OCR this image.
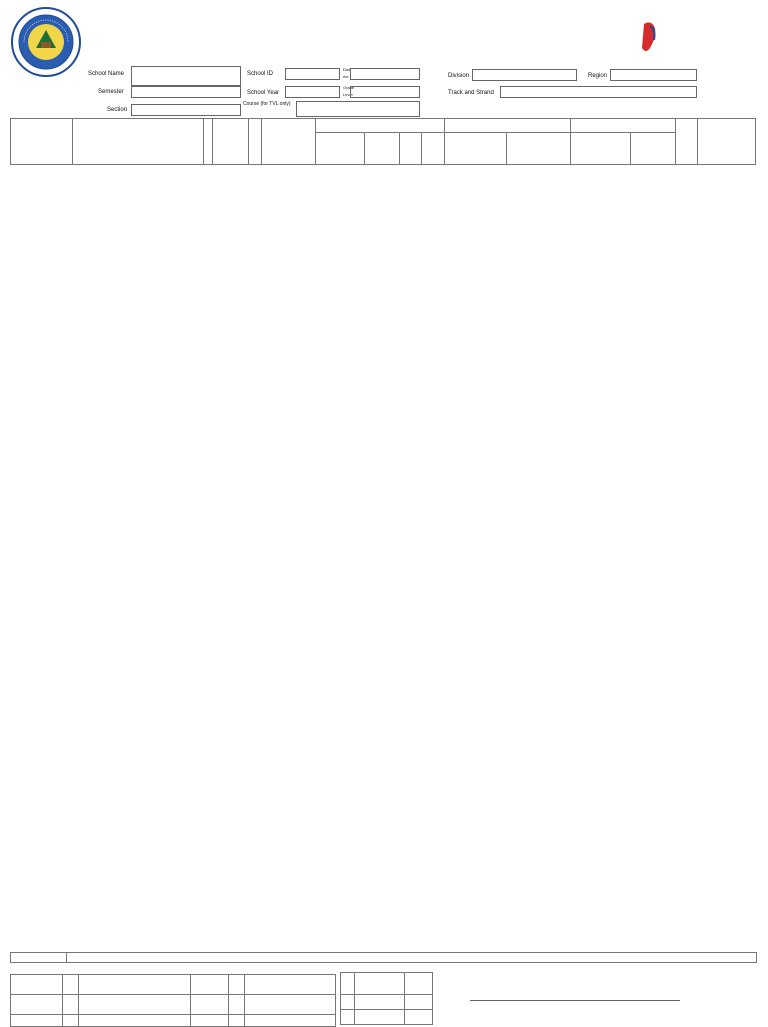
School Name	School ID
Dist
rict	Division	Region
Semester	School Year
Grade
Level	Track and Strand
Section
Course (for TVL only)
